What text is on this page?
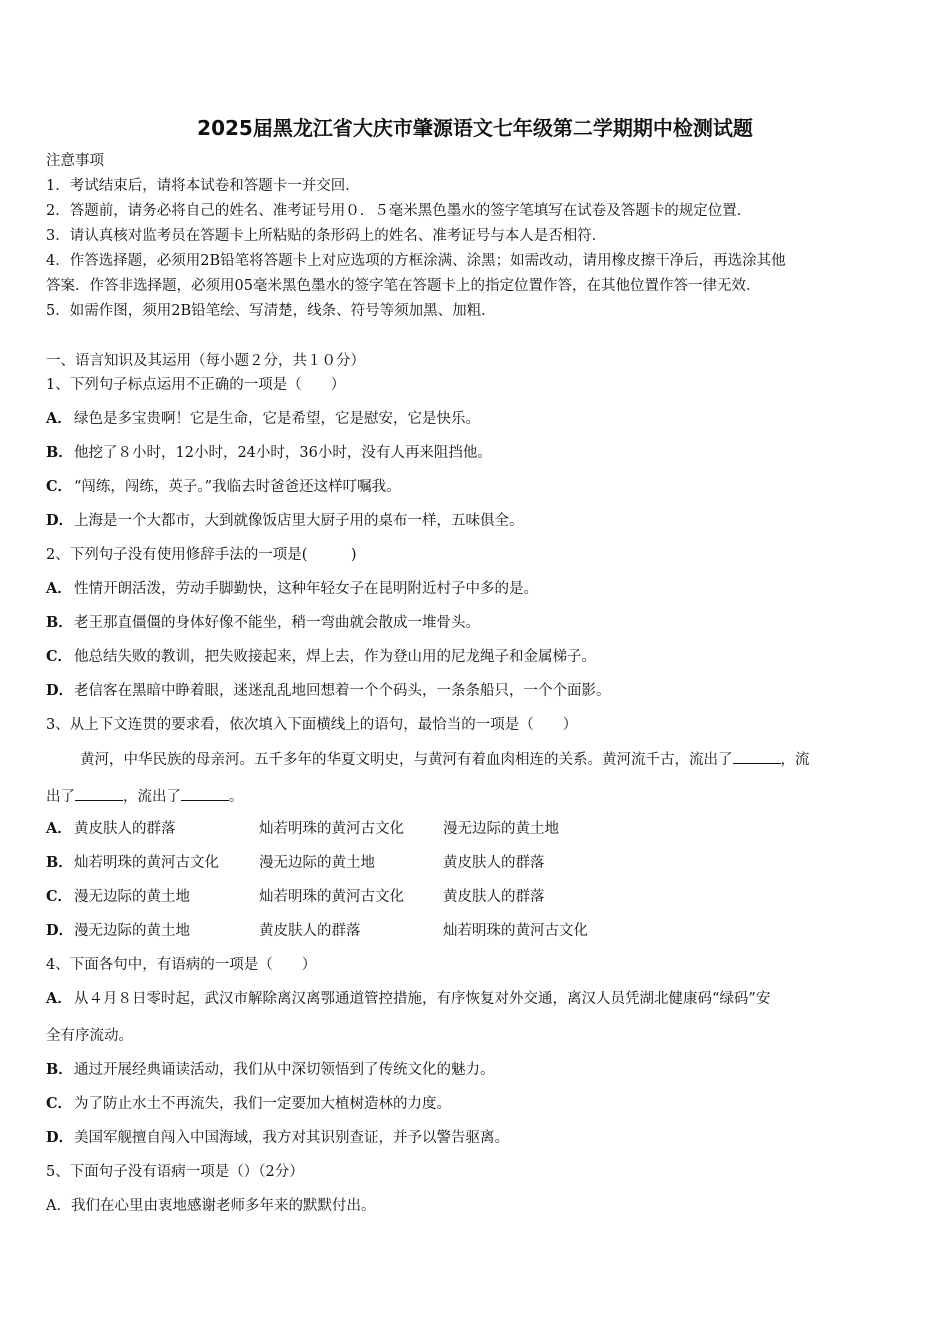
2025届黑龙江省大庆市肇源语文七年级第二学期期中检测试题
注意事项
1．考试结束后，请将本试卷和答题卡一并交回．
2．答题前，请务必将自己的姓名、准考证号用０．５毫米黑色墨水的签字笔填写在试卷及答题卡的规定位置．
3．请认真核对监考员在答题卡上所粘贴的条形码上的姓名、准考证号与本人是否相符．
4．作答选择题，必须用2B铅笔将答题卡上对应选项的方框涂满、涂黑；如需改动，请用橡皮擦干净后，再选涂其他
答案．作答非选择题，必须用05毫米黑色墨水的签字笔在答题卡上的指定位置作答，在其他位置作答一律无效．
5．如需作图，须用2B铅笔绘、写清楚，线条、符号等须加黑、加粗．
一、语言知识及其运用（每小题２分，共１０分）
1、下列句子标点运用不正确的一项是（　　）
A． 绿色是多宝贵啊！它是生命，它是希望，它是慰安，它是快乐。
B．他挖了８小时，12小时，24小时，36小时，没有人再来阻挡他。
C． “闯练，闯练，英子。”我临去时爸爸还这样叮嘱我。
D．上海是一个大都市，大到就像饭店里大厨子用的桌布一样，五味俱全。
2、下列句子没有使用修辞手法的一项是(　　　)
A． 性情开朗活泼，劳动手脚勤快，这种年轻女子在昆明附近村子中多的是。
B．老王那直僵僵的身体好像不能坐，稍一弯曲就会散成一堆骨头。
C． 他总结失败的教训，把失败接起来，焊上去，作为登山用的尼龙绳子和金属梯子。
D．老信客在黑暗中睁着眼，迷迷乱乱地回想着一个个码头，一条条船只，一个个面影。
3、从上下文连贯的要求看，依次填入下面横线上的语句，最恰当的一项是（　　）
黄河，中华民族的母亲河。五千多年的华夏文明史，与黄河有着血肉相连的关系。黄河流千古，流出了	，流
出了	，流出了	。
A． 黄皮肤人的群落	灿若明珠的黄河古文化	漫无边际的黄土地
B． 灿若明珠的黄河古文化	漫无边际的黄土地	黄皮肤人的群落
C． 漫无边际的黄土地	灿若明珠的黄河古文化	黄皮肤人的群落
D． 漫无边际的黄土地	黄皮肤人的群落	灿若明珠的黄河古文化
4、下面各句中，有语病的一项是（　　）
A． 从４月８日零时起，武汉市解除离汉离鄂通道管控措施，有序恢复对外交通，离汉人员凭湖北健康码“绿码”安
全有序流动。
B．通过开展经典诵读活动，我们从中深切领悟到了传统文化的魅力。
C． 为了防止水土不再流失，我们一定要加大植树造林的力度。
D．美国军舰擅自闯入中国海域，我方对其识别查证，并予以警告驱离。
5、下面句子没有语病一项是（）（2分）
A．我们在心里由衷地感谢老师多年来的默默付出。
